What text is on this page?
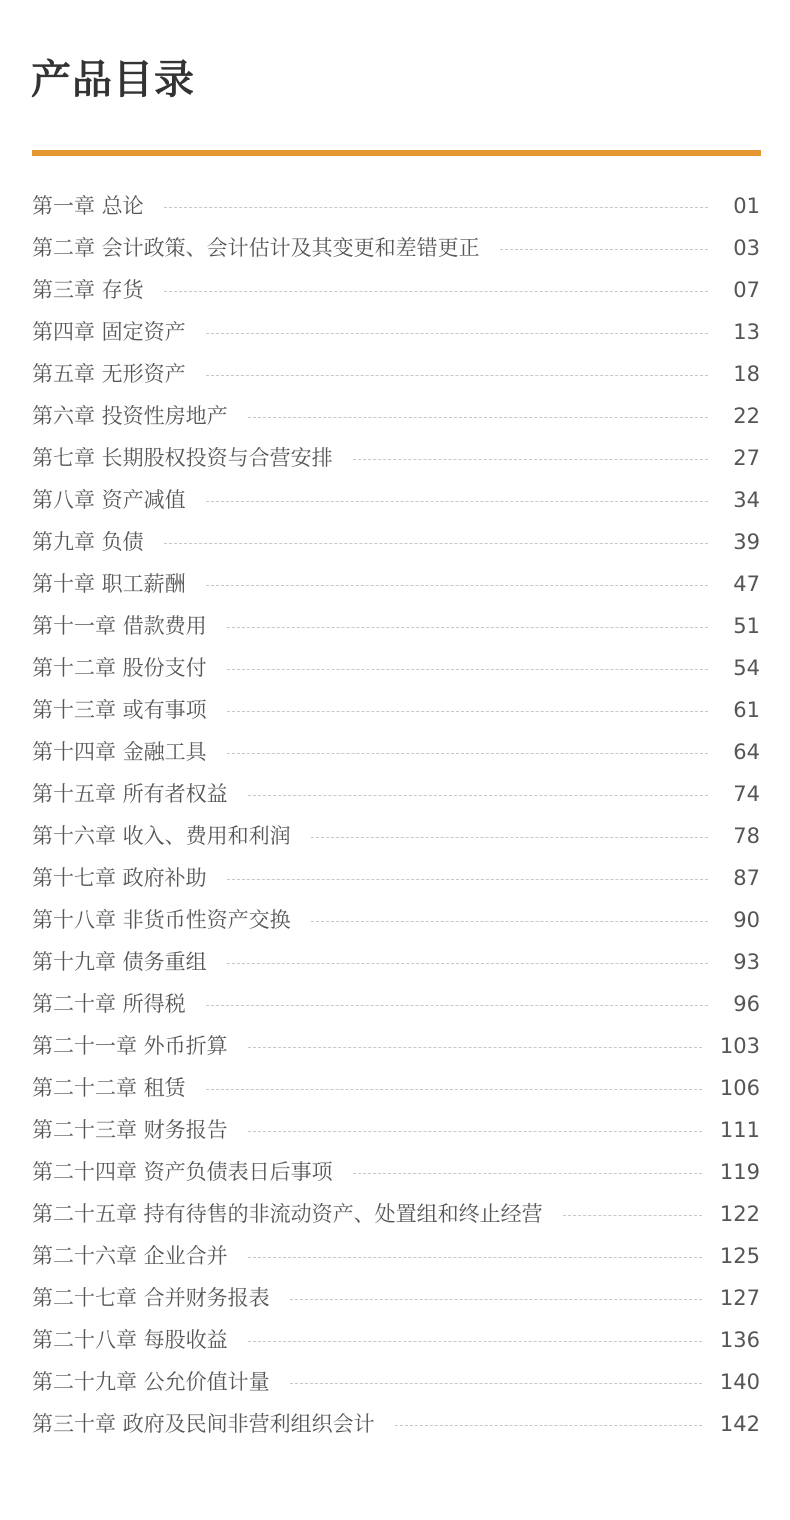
产品目录
第一章 总论	01
第二章 会计政策、会计估计及其变更和差错更正	03
第三章 存货	07
第四章 固定资产	13
第五章 无形资产	18
第六章 投资性房地产	22
第七章 长期股权投资与合营安排	27
第八章 资产减值	34
第九章 负债	39
第十章 职工薪酬	47
第十一章 借款费用	51
第十二章 股份支付	54
第十三章 或有事项	61
第十四章 金融工具	64
第十五章 所有者权益	74
第十六章 收入、费用和利润	78
第十七章 政府补助	87
第十八章 非货币性资产交换	90
第十九章 债务重组	93
第二十章 所得税	96
第二十一章 外币折算	103
第二十二章 租赁	106
第二十三章 财务报告	111
第二十四章 资产负债表日后事项	119
第二十五章 持有待售的非流动资产、处置组和终止经营	122
第二十六章 企业合并	125
第二十七章 合并财务报表	127
第二十八章 每股收益	136
第二十九章 公允价值计量	140
第三十章 政府及民间非营利组织会计	142
